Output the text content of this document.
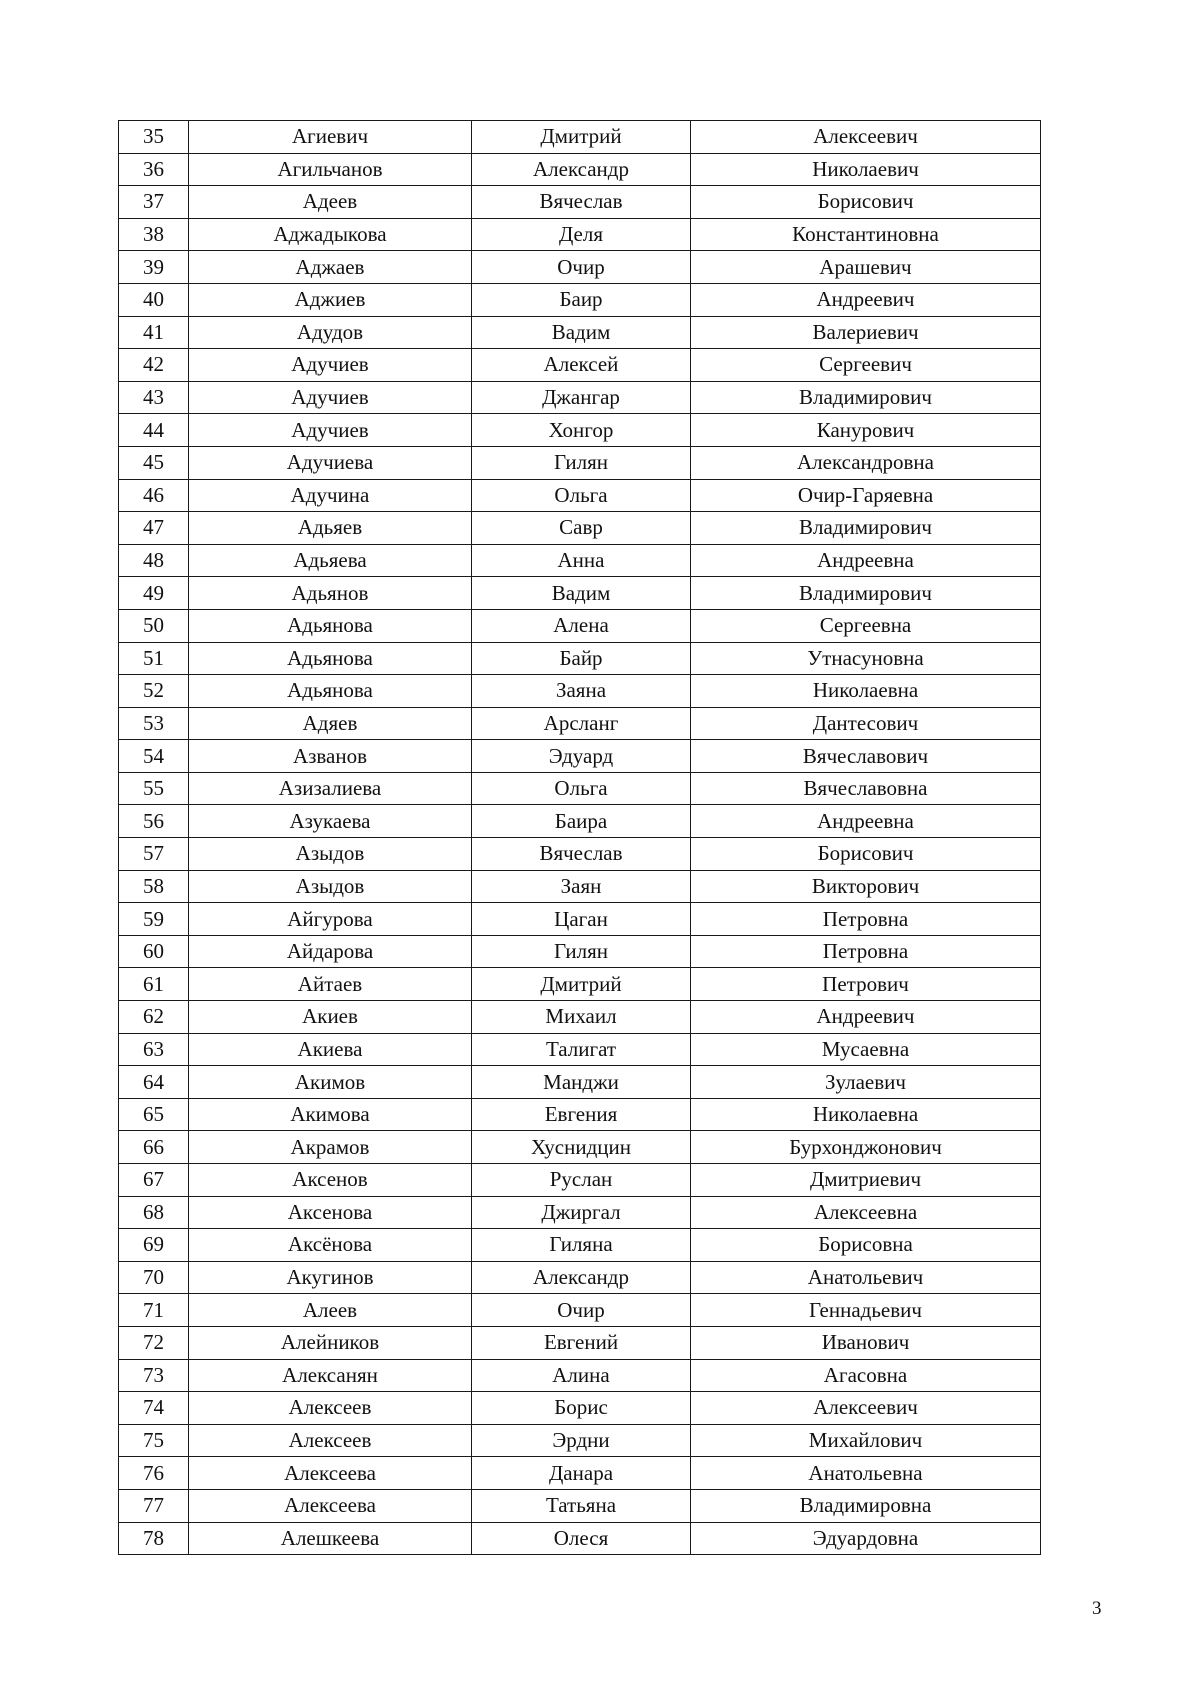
35	Агиевич	Дмитрий	Алексеевич
36	Агильчанов	Александр	Николаевич
37	Адеев	Вячеслав	Борисович
38	Аджадыкова	Деля	Константиновна
39	Аджаев	Очир	Арашевич
40	Аджиев	Баир	Андреевич
41	Адудов	Вадим	Валериевич
42	Адучиев	Алексей	Сергеевич
43	Адучиев	Джангар	Владимирович
44	Адучиев	Хонгор	Канурович
45	Адучиева	Гилян	Александровна
46	Адучина	Ольга	Очир-Гаряевна
47	Адьяев	Савр	Владимирович
48	Адьяева	Анна	Андреевна
49	Адьянов	Вадим	Владимирович
50	Адьянова	Алена	Сергеевна
51	Адьянова	Байр	Утнасуновна
52	Адьянова	Заяна	Николаевна
53	Адяев	Арсланг	Дантесович
54	Азванов	Эдуард	Вячеславович
55	Азизалиева	Ольга	Вячеславовна
56	Азукаева	Баира	Андреевна
57	Азыдов	Вячеслав	Борисович
58	Азыдов	Заян	Викторович
59	Айгурова	Цаган	Петровна
60	Айдарова	Гилян	Петровна
61	Айтаев	Дмитрий	Петрович
62	Акиев	Михаил	Андреевич
63	Акиева	Талигат	Мусаевна
64	Акимов	Манджи	Зулаевич
65	Акимова	Евгения	Николаевна
66	Акрамов	Хуснидцин	Бурхонджонович
67	Аксенов	Руслан	Дмитриевич
68	Аксенова	Джиргал	Алексеевна
69	Аксёнова	Гиляна	Борисовна
70	Акугинов	Александр	Анатольевич
71	Алеев	Очир	Геннадьевич
72	Алейников	Евгений	Иванович
73	Алексанян	Алина	Агасовна
74	Алексеев	Борис	Алексеевич
75	Алексеев	Эрдни	Михайлович
76	Алексеева	Данара	Анатольевна
77	Алексеева	Татьяна	Владимировна
78	Алешкеева	Олеся	Эдуардовна
3
